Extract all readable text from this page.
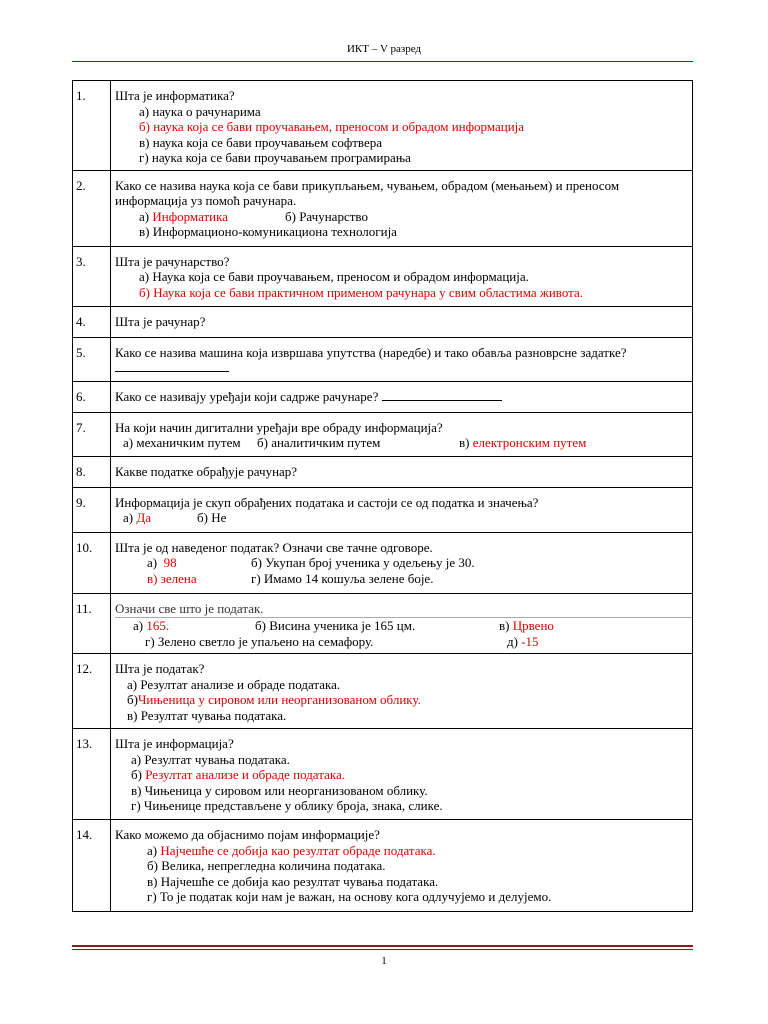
ИКТ – V разред
1.	Шта је информатика?
а) наука о рачунарима
б) наука која се бави проучавањем, преносом и обрадом информација
в) наука која се бави проучавањем софтвера
г) наука која се бави проучавањем програмирања

2.	Како се назива наука која се бави прикупљањем, чувањем, обрадом (мењањем) и преносом информација уз помоћ рачунара.
а) Информатика б) Рачунарство
в) Информационо-комуникациона технологија

3.	Шта је рачунарство?
а) Наука која се бави проучавањем, преносом и обрадом информација.
б) Наука која се бави практичном применом рачунара у свим областима живота.

4.	Шта је рачунар?

5.	Како се назива машина која извршава упутства (наредбе) и тако обавља разноврсне задатке?

6.	Како се називају уређаји који садрже рачунаре?

7.	На који начин дигитални уређаји вре обраду информација?
а) механичким путем б) аналитичким путем в) електронским путем

8.	Какве податке обрађује рачунар?

9.	Информација је скуп обрађених података и састоји се од податка и значења?
а) Да б) Не

10.	Шта је од наведеног податак? Означи све тачне одговоре.
а) 98 б) Укупан број ученика у одељењу је 30.
в) зелена г) Имамо 14 кошуља зелене боје.

11.	Означи све што је податак.
а) 165. б) Висина ученика је 165 цм. в) Црвено
г) Зелено светло је упаљено на семафору. д) -15

12.	Шта је податак?
а) Резултат анализе и обраде података.
б)Чињеница у сировом или неорганизованом облику.
в) Резултат чувања података.

13.	Шта је информација?
а) Резултат чувања података.
б) Резултат анализе и обраде података.
в) Чињеница у сировом или неорганизованом облику.
г) Чињенице представљене у облику броја, знака, слике.

14.	Како можемо да објаснимо појам информације?
а) Најчешће се добија као резултат обраде података.
б) Велика, непрегледна количина података.
в) Најчешће се добија као резултат чувања података.
г) То је податак који нам је важан, на основу кога одлучујемо и делујемо.
1
